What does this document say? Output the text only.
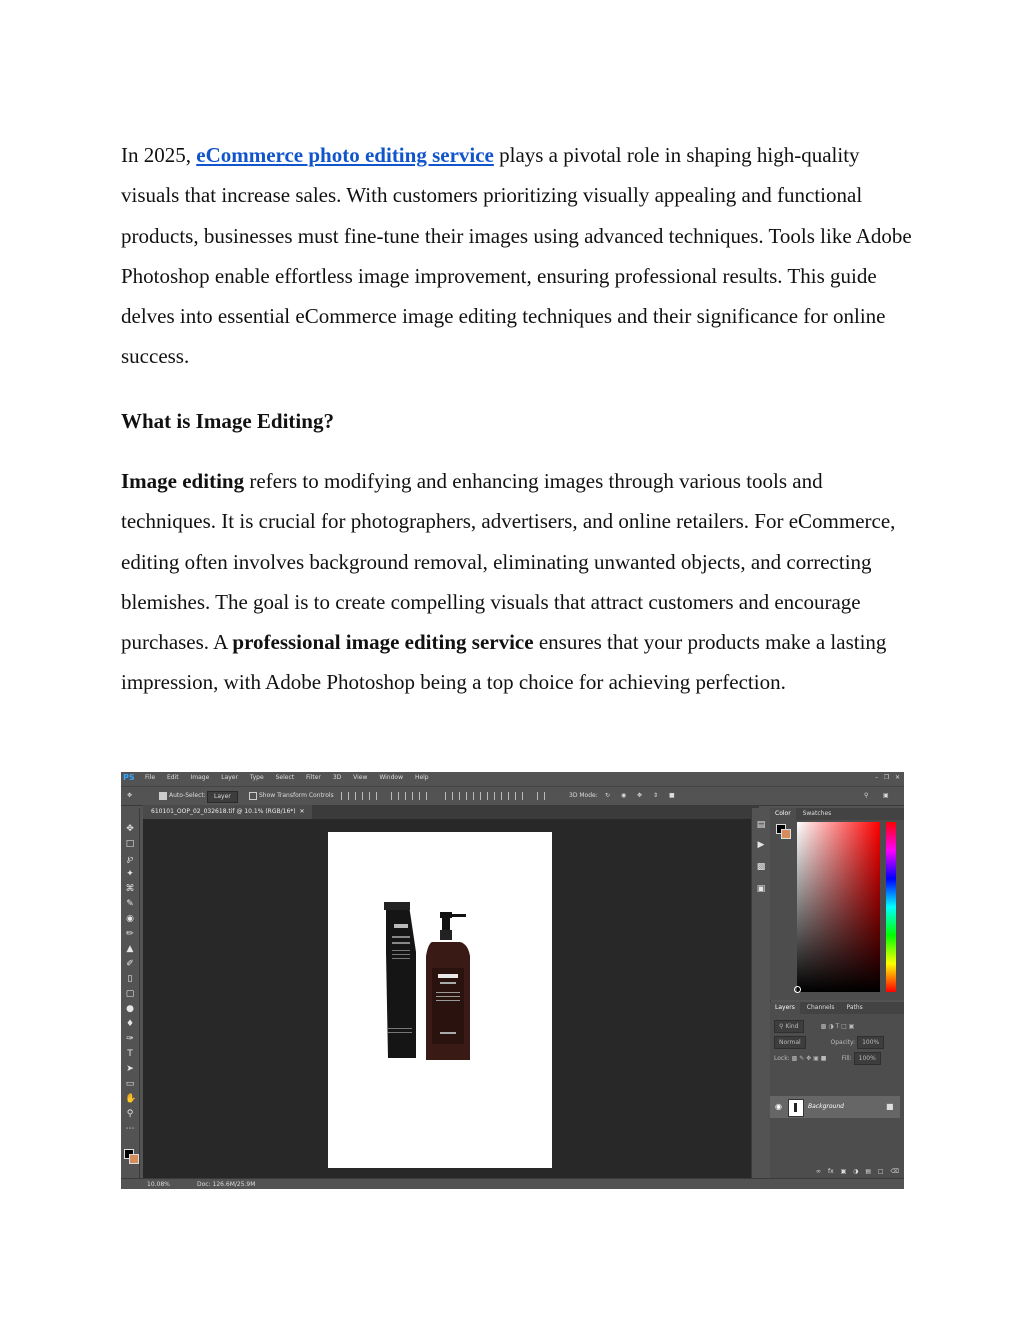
In 2025, eCommerce photo editing service plays a pivotal role in shaping high-quality visuals that increase sales. With customers prioritizing visually appealing and functional products, businesses must fine-tune their images using advanced techniques. Tools like Adobe Photoshop enable effortless image improvement, ensuring professional results. This guide delves into essential eCommerce image editing techniques and their significance for online success.
What is Image Editing?
Image editing refers to modifying and enhancing images through various tools and techniques. It is crucial for photographers, advertisers, and online retailers. For eCommerce, editing often involves background removal, eliminating unwanted objects, and correcting blemishes. The goal is to create compelling visuals that attract customers and encourage purchases. A professional image editing service ensures that your products make a lasting impression, with Adobe Photoshop being a top choice for achieving perfection.
PS	File Edit Image Layer Type Select Filter 3D View Window Help	– ❐ ✕
✥	Auto-Select:	Layer	Show Transform Controls	3D Mode: ↻ ◉ ✥ ⇕ ■	⚲ ▣
✥
□
℘
✦
⌘
✎
◉
✏
▲
✐
▯
▢
●
♦
✑
T
➤
▭
✋
⚲
⋯
610101_OOP_02_032618.tif @ 10.1% (RGB/16*) ✕
▤
▶
▩
▣
Color Swatches
Layers Channels Paths
⚲ Kind	▩ ◑ T □ ▣
Normal	Opacity: 100%
Lock: ▩ ✎ ✥ ▣ ■	Fill: 100%
◉	Background	■
∞ fx ▣ ◑ ▤ □ ⌫
10.08%	Doc: 126.6M/25.9M
